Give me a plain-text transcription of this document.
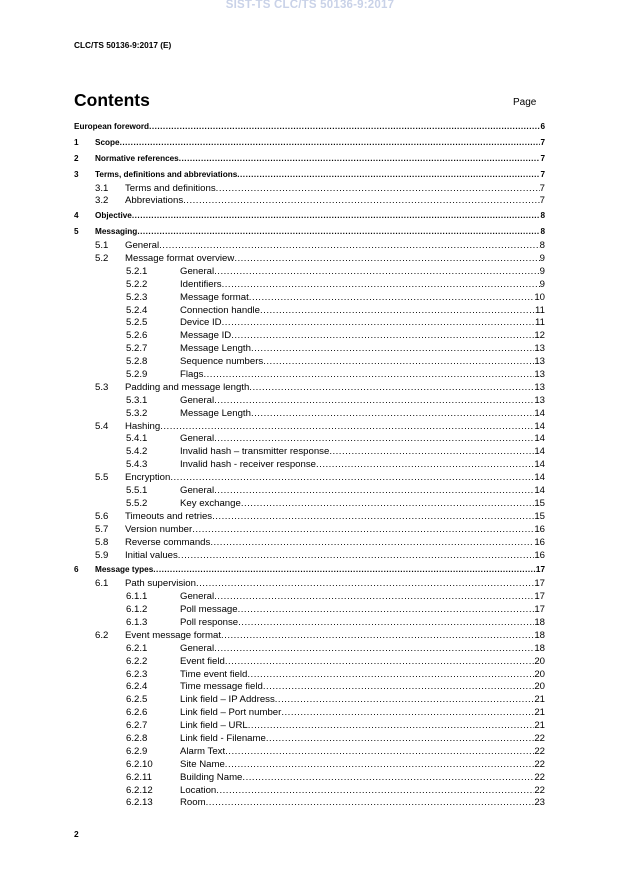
SIST-TS CLC/TS 50136-9:2017
CLC/TS 50136-9:2017 (E)
Contents	Page
European foreword .....	6
1 Scope .....	7
2 Normative references .....	7
3 Terms, definitions and abbreviations .....	7
3.1 Terms and definitions .....	7
3.2 Abbreviations .....	7
4 Objective .....	8
5 Messaging .....	8
5.1 General .....	8
5.2 Message format overview .....	9
5.2.1	General .....	9
5.2.2	Identifiers .....	9
5.2.3	Message format .....	10
5.2.4	Connection handle .....	11
5.2.5	Device ID .....	11
5.2.6	Message ID .....	12
5.2.7	Message Length .....	13
5.2.8	Sequence numbers .....	13
5.2.9	Flags .....	13
5.3 Padding and message length .....	13
5.3.1	General .....	13
5.3.2	Message Length .....	14
5.4 Hashing .....	14
5.4.1	General .....	14
5.4.2	Invalid hash – transmitter response .....	14
5.4.3	Invalid hash - receiver response .....	14
5.5 Encryption .....	14
5.5.1	General .....	14
5.5.2	Key exchange .....	15
5.6 Timeouts and retries .....	15
5.7 Version number .....	16
5.8 Reverse commands .....	16
5.9 Initial values .....	16
6 Message types .....	17
6.1 Path supervision .....	17
6.1.1	General .....	17
6.1.2	Poll message .....	17
6.1.3	Poll response .....	18
6.2 Event message format .....	18
6.2.1	General .....	18
6.2.2	Event field .....	20
6.2.3	Time event field .....	20
6.2.4	Time message field .....	20
6.2.5	Link field – IP Address .....	21
6.2.6	Link field – Port number .....	21
6.2.7	Link field – URL .....	21
6.2.8	Link field - Filename .....	22
6.2.9	Alarm Text .....	22
6.2.10	Site Name .....	22
6.2.11	Building Name .....	22
6.2.12	Location .....	22
6.2.13	Room .....	23
2
